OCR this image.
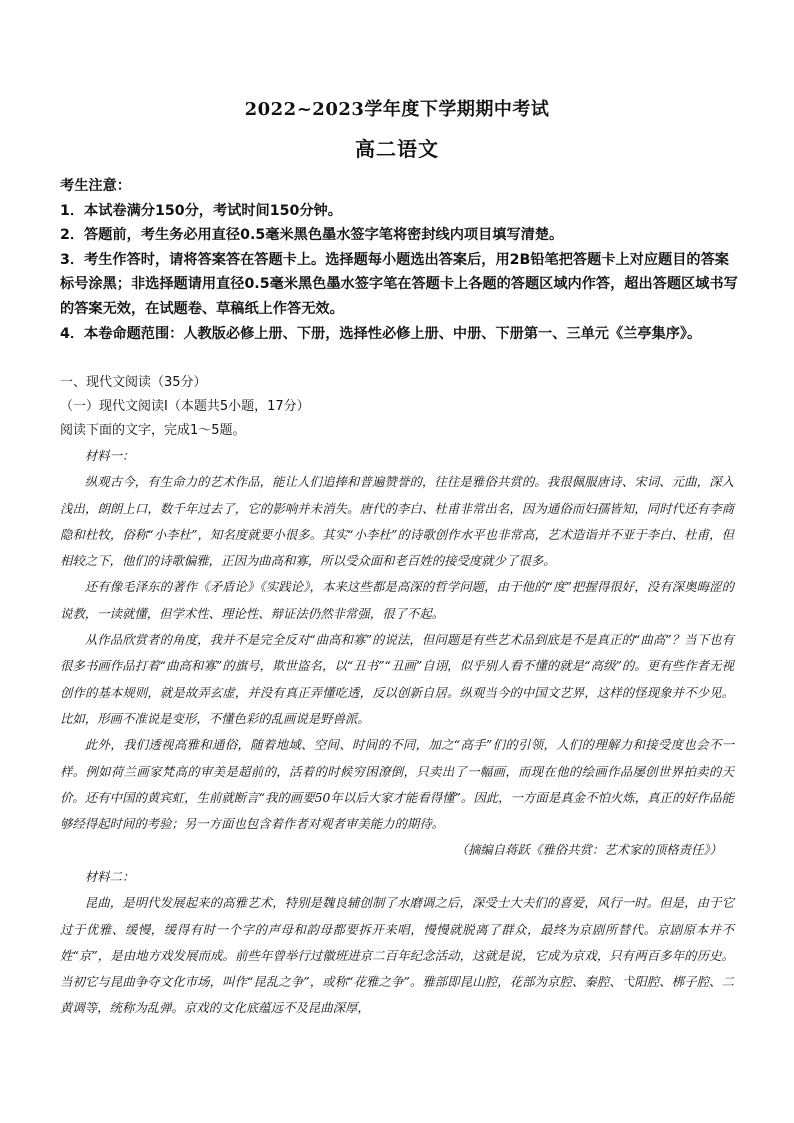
2022~2023学年度下学期期中考试
高二语文
考生注意：
1．本试卷满分150分，考试时间150分钟。
2．答题前，考生务必用直径0.5毫米黑色墨水签字笔将密封线内项目填写清楚。
3．考生作答时，请将答案答在答题卡上。选择题每小题选出答案后，用2B铅笔把答题卡上对应题目的答案标号涂黑；非选择题请用直径0.5毫米黑色墨水签字笔在答题卡上各题的答题区域内作答，超出答题区域书写的答案无效，在试题卷、草稿纸上作答无效。
4．本卷命题范围：人教版必修上册、下册，选择性必修上册、中册、下册第一、三单元《兰亭集序》。
一、现代文阅读（35分）
（一）现代文阅读Ⅰ（本题共5小题，17分）
阅读下面的文字，完成1～5题。

材料一：

纵观古今，有生命力的艺术作品，能让人们追捧和普遍赞誉的，往往是雅俗共赏的。我很佩服唐诗、宋词、元曲，深入浅出，朗朗上口，数千年过去了，它的影响并未消失。唐代的李白、杜甫非常出名，因为通俗而妇孺皆知，同时代还有李商隐和杜牧，俗称“小李杜”，知名度就要小很多。其实“小李杜”的诗歌创作水平也非常高，艺术造诣并不亚于李白、杜甫，但相较之下，他们的诗歌偏雅，正因为曲高和寡，所以受众面和老百姓的接受度就少了很多。

还有像毛泽东的著作《矛盾论》《实践论》，本来这些都是高深的哲学问题，由于他的“度”把握得很好，没有深奥晦涩的说教，一读就懂，但学术性、理论性、辩证法仍然非常强，很了不起。

从作品欣赏者的角度，我并不是完全反对“曲高和寡”的说法，但问题是有些艺术品到底是不是真正的“曲高”？当下也有很多书画作品打着“曲高和寡”的旗号，欺世盗名，以“丑书”“丑画”自诩，似乎别人看不懂的就是“高级”的。更有些作者无视创作的基本规则，就是故弄玄虚，并没有真正弄懂吃透，反以创新自居。纵观当今的中国文艺界，这样的怪现象并不少见。比如，形画不准说是变形，不懂色彩的乱画说是野兽派。

此外，我们透视高雅和通俗，随着地域、空间、时间的不同，加之“高手”们的引领，人们的理解力和接受度也会不一样。例如荷兰画家梵高的审美是超前的，活着的时候穷困潦倒，只卖出了一幅画，而现在他的绘画作品屡创世界拍卖的天价。还有中国的黄宾虹，生前就断言“我的画要50年以后大家才能看得懂”。因此，一方面是真金不怕火炼，真正的好作品能够经得起时间的考验；另一方面也包含着作者对观者审美能力的期待。

（摘编自蒋跃《雅俗共赏：艺术家的顶格责任》）

材料二：

昆曲，是明代发展起来的高雅艺术，特别是魏良辅创制了水磨调之后，深受士大夫们的喜爱，风行一时。但是，由于它过于优雅、缓慢，缓得有时一个字的声母和韵母都要拆开来唱，慢慢就脱离了群众，最终为京剧所替代。京剧原本并不姓“京”，是由地方戏发展而成。前些年曾举行过徽班进京二百年纪念活动，这就是说，它成为京戏，只有两百多年的历史。当初它与昆曲争夺文化市场，叫作“昆乱之争”，或称“花雅之争”。雅部即昆山腔，花部为京腔、秦腔、弋阳腔、梆子腔、二黄调等，统称为乱弹。京戏的文化底蕴远不及昆曲深厚，
